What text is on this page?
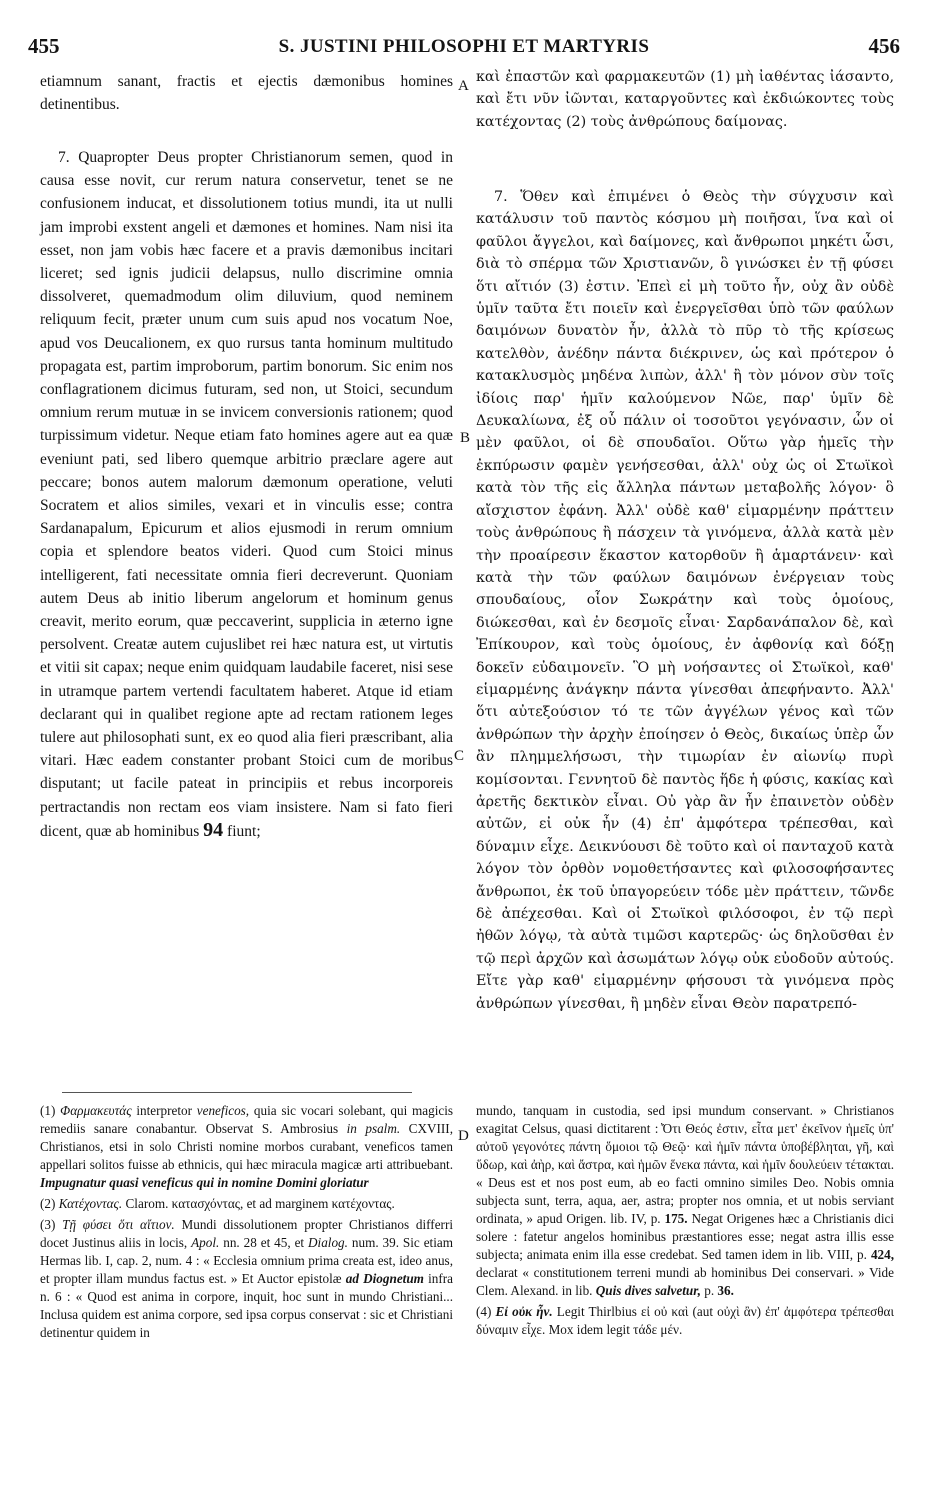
455	S. JUSTINI PHILOSOPHI ET MARTYRIS	456

etiamnum sanant, fractis et ejectis dæmonibus homines detinentibus.

7. Quapropter Deus propter Christianorum semen, quod in causa esse novit, cur rerum natura conservetur, tenet se ne confusionem inducat, et dissolutionem totius mundi, ita ut nulli jam improbi exstent angeli et dæmones et homines. Nam nisi ita esset, non jam vobis hæc facere et a pravis dæmonibus incitari liceret; sed ignis judicii delapsus, nullo discrimine omnia dissolveret, quemadmodum olim diluvium, quod neminem reliquum fecit, præter unum cum suis apud nos vocatum Noe, apud vos Deucalionem, ex quo rursus tanta hominum multitudo propagata est, partim improborum, partim bonorum. Sic enim nos conflagrationem dicimus futuram, sed non, ut Stoici, secundum omnium rerum mutuæ in se invicem conversionis rationem; quod turpissimum videtur. Neque etiam fato homines agere aut ea quæ eveniunt pati, sed libero quemque arbitrio præclare agere aut peccare; bonos autem malorum dæmonum operatione, veluti Socratem et alios similes, vexari et in vinculis esse; contra Sardanapalum, Epicurum et alios ejusmodi in rerum omnium copia et splendore beatos videri. Quod cum Stoici minus intelligerent, fati necessitate omnia fieri decreverunt. Quoniam autem Deus ab initio liberum angelorum et hominum genus creavit, merito eorum, quæ peccaverint, supplicia in æterno igne persolvent. Creatæ autem cujuslibet rei hæc natura est, ut virtutis et vitii sit capax; neque enim quidquam laudabile faceret, nisi sese in utramque partem vertendi facultatem haberet. Atque id etiam declarant qui in qualibet regione apte ad rectam rationem leges tulere aut philosophati sunt, ex eo quod alia fieri præscribant, alia vitari. Hæc eadem constanter probant Stoici cum de moribus disputant; ut facile pateat in principiis et rebus incorporeis pertractandis non rectam eos viam insistere. Nam si fato fieri dicent, quæ ab hominibus 94 fiunt;

A
B
C
D

καὶ ἐπαστῶν καὶ φαρμακευτῶν (1) μὴ ἰαθέντας ἰάσαντο, καὶ ἔτι νῦν ἰῶνται, καταργοῦντες καὶ ἐκδιώκοντες τοὺς κατέχοντας (2) τοὺς ἀνθρώπους δαίμονας.

7. Ὅθεν καὶ ἐπιμένει ὁ Θεὸς τὴν σύγχυσιν καὶ κατάλυσιν τοῦ παντὸς κόσμου μὴ ποιῆσαι, ἵνα καὶ οἱ φαῦλοι ἄγγελοι, καὶ δαίμονες, καὶ ἄνθρωποι μηκέτι ὦσι, διὰ τὸ σπέρμα τῶν Χριστιανῶν, ὃ γινώσκει ἐν τῇ φύσει ὅτι αἴτιόν (3) ἐστιν. Ἐπεὶ εἰ μὴ τοῦτο ἦν, οὐχ ἂν οὐδὲ ὑμῖν ταῦτα ἔτι ποιεῖν καὶ ἐνεργεῖσθαι ὑπὸ τῶν φαύλων δαιμόνων δυνατὸν ἦν, ἀλλὰ τὸ πῦρ τὸ τῆς κρίσεως κατελθὸν, ἀνέδην πάντα διέκρινεν, ὡς καὶ πρότερον ὁ κατακλυσμὸς μηδένα λιπὼν, ἀλλ' ἢ τὸν μόνον σὺν τοῖς ἰδίοις παρ' ἡμῖν καλούμενον Νῶε, παρ' ὑμῖν δὲ Δευκαλίωνα, ἐξ οὗ πάλιν οἱ τοσοῦτοι γεγόνασιν, ὧν οἱ μὲν φαῦλοι, οἱ δὲ σπουδαῖοι. Οὕτω γὰρ ἡμεῖς τὴν ἐκπύρωσιν φαμὲν γενήσεσθαι, ἀλλ' οὐχ ὡς οἱ Στωϊκοὶ κατὰ τὸν τῆς εἰς ἄλληλα πάντων μεταβολῆς λόγον· ὃ αἴσχιστον ἐφάνη. Ἀλλ' οὐδὲ καθ' εἱμαρμένην πράττειν τοὺς ἀνθρώπους ἢ πάσχειν τὰ γινόμενα, ἀλλὰ κατὰ μὲν τὴν προαίρεσιν ἕκαστον κατορθοῦν ἢ ἁμαρτάνειν· καὶ κατὰ τὴν τῶν φαύλων δαιμόνων ἐνέργειαν τοὺς σπουδαίους, οἷον Σωκράτην καὶ τοὺς ὁμοίους, διώκεσθαι, καὶ ἐν δεσμοῖς εἶναι· Σαρδανάπαλον δὲ, καὶ Ἐπίκουρον, καὶ τοὺς ὁμοίους, ἐν ἀφθονίᾳ καὶ δόξῃ δοκεῖν εὐδαιμονεῖν. Ὃ μὴ νοήσαντες οἱ Στωϊκοὶ, καθ' εἱμαρμένης ἀνάγκην πάντα γίνεσθαι ἀπεφήναντο. Ἀλλ' ὅτι αὐτεξούσιον τό τε τῶν ἀγγέλων γένος καὶ τῶν ἀνθρώπων τὴν ἀρχὴν ἐποίησεν ὁ Θεὸς, δικαίως ὑπὲρ ὧν ἂν πλημμελήσωσι, τὴν τιμωρίαν ἐν αἰωνίῳ πυρὶ κομίσονται. Γεννητοῦ δὲ παντὸς ἥδε ἡ φύσις, κακίας καὶ ἀρετῆς δεκτικὸν εἶναι. Οὐ γὰρ ἂν ἦν ἐπαινετὸν οὐδὲν αὐτῶν, εἰ οὐκ ἦν (4) ἐπ' ἀμφότερα τρέπεσθαι, καὶ δύναμιν εἶχε. Δεικνύουσι δὲ τοῦτο καὶ οἱ πανταχοῦ κατὰ λόγον τὸν ὀρθὸν νομοθετήσαντες καὶ φιλοσοφήσαντες ἄνθρωποι, ἐκ τοῦ ὑπαγορεύειν τόδε μὲν πράττειν, τῶνδε δὲ ἀπέχεσθαι. Καὶ οἱ Στωϊκοὶ φιλόσοφοι, ἐν τῷ περὶ ἠθῶν λόγῳ, τὰ αὐτὰ τιμῶσι καρτερῶς· ὡς δηλοῦσθαι ἐν τῷ περὶ ἀρχῶν καὶ ἀσωμάτων λόγῳ οὐκ εὐοδοῦν αὐτούς. Εἴτε γὰρ καθ' εἱμαρμένην φήσουσι τὰ γινόμενα πρὸς ἀνθρώπων γίνεσθαι, ἢ μηδὲν εἶναι Θεὸν παρατρεπό-

(1) Φαρμακευτάς interpretor veneficos, quia sic vocari solebant, qui magicis remediis sanare conabantur. Observat S. Ambrosius in psalm. CXVIII, Christianos, etsi in solo Christi nomine morbos curabant, veneficos tamen appellari solitos fuisse ab ethnicis, qui hæc miracula magicæ arti attribuebant. Impugnatur quasi veneficus qui in nomine Domini gloriatur

(2) Κατέχοντας. Clarom. κατασχόντας, et ad marginem κατέχοντας.

(3) Τῇ φύσει ὅτι αἴτιον. Mundi dissolutionem propter Christianos differri docet Justinus aliis in locis, Apol. nn. 28 et 45, et Dialog. num. 39. Sic etiam Hermas lib. I, cap. 2, num. 4 : « Ecclesia omnium prima creata est, ideo anus, et propter illam mundus factus est. » Et Auctor epistolæ ad Diognetum infra n. 6 : « Quod est anima in corpore, inquit, hoc sunt in mundo Christiani... Inclusa quidem est anima corpore, sed ipsa corpus conservat : sic et Christiani detinentur quidem in

mundo, tanquam in custodia, sed ipsi mundum conservant. » Christianos exagitat Celsus, quasi dictitarent : ̓Ότι Θεός ἐστιν, εἶτα μετ' ἐκεῖνον ἡμεῖς ὑπ' αὐτοῦ γεγονότες πάντη ὅμοιοι τῷ Θεῷ· καὶ ἡμῖν πάντα ὑποβέβληται, γῆ, καὶ ὕδωρ, καὶ ἀὴρ, καὶ ἄστρα, καὶ ἡμῶν ἕνεκα πάντα, καὶ ἡμῖν δουλεύειν τέτακται. « Deus est et nos post eum, ab eo facti omnino similes Deo. Nobis omnia subjecta sunt, terra, aqua, aer, astra; propter nos omnia, et ut nobis serviant ordinata, » apud Origen. lib. IV, p. 175. Negat Origenes hæc a Christianis dici solere : fatetur angelos hominibus præstantiores esse; negat astra illis esse subjecta; animata enim illa esse credebat. Sed tamen idem in lib. VIII, p. 424, declarat « constitutionem terreni mundi ab hominibus Dei conservari. » Vide Clem. Alexand. in lib. Quis dives salvetur, p. 36.

(4) Εἰ οὐκ ἦν. Legit Thirlbius εἰ οὐ καὶ (aut οὐχὶ ἂν) ἐπ' ἀμφότερα τρέπεσθαι δύναμιν εἶχε. Mox idem legit τάδε μέν.
